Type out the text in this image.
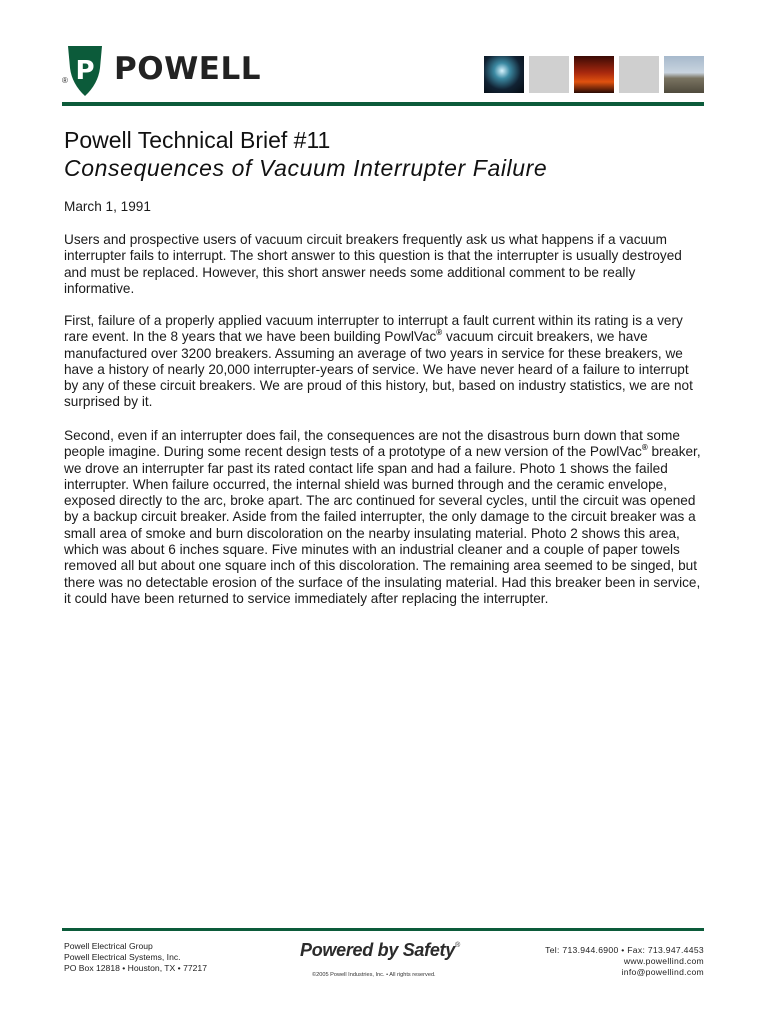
P
® POWELL
Powell Technical Brief #11
Consequences of Vacuum Interrupter Failure
March 1, 1991
Users and prospective users of vacuum circuit breakers frequently ask us what happens if a vacuum interrupter fails to interrupt. The short answer to this question is that the interrupter is usually destroyed and must be replaced. However, this short answer needs some additional comment to be really informative.
First, failure of a properly applied vacuum interrupter to interrupt a fault current within its rating is a very rare event. In the 8 years that we have been building PowlVac® vacuum circuit breakers, we have manufactured over 3200 breakers. Assuming an average of two years in service for these breakers, we have a history of nearly 20,000 interrupter-years of service. We have never heard of a failure to interrupt by any of these circuit breakers. We are proud of this history, but, based on industry statistics, we are not surprised by it.
Second, even if an interrupter does fail, the consequences are not the disastrous burn down that some people imagine. During some recent design tests of a prototype of a new version of the PowlVac® breaker, we drove an interrupter far past its rated contact life span and had a failure. Photo 1 shows the failed interrupter. When failure occurred, the internal shield was burned through and the ceramic envelope, exposed directly to the arc, broke apart. The arc continued for several cycles, until the circuit was opened by a backup circuit breaker. Aside from the failed interrupter, the only damage to the circuit breaker was a small area of smoke and burn discoloration on the nearby insulating material. Photo 2 shows this area, which was about 6 inches square. Five minutes with an industrial cleaner and a couple of paper towels removed all but about one square inch of this discoloration. The remaining area seemed to be singed, but there was no detectable erosion of the surface of the insulating material. Had this breaker been in service, it could have been returned to service immediately after replacing the interrupter.
Powell Electrical Group
Powell Electrical Systems, Inc.
PO Box 12818 • Houston, TX • 77217
Powered by Safety®
©2005 Powell Industries, Inc. • All rights reserved.
Tel: 713.944.6900 • Fax: 713.947.4453
www.powellind.com
info@powellind.com
